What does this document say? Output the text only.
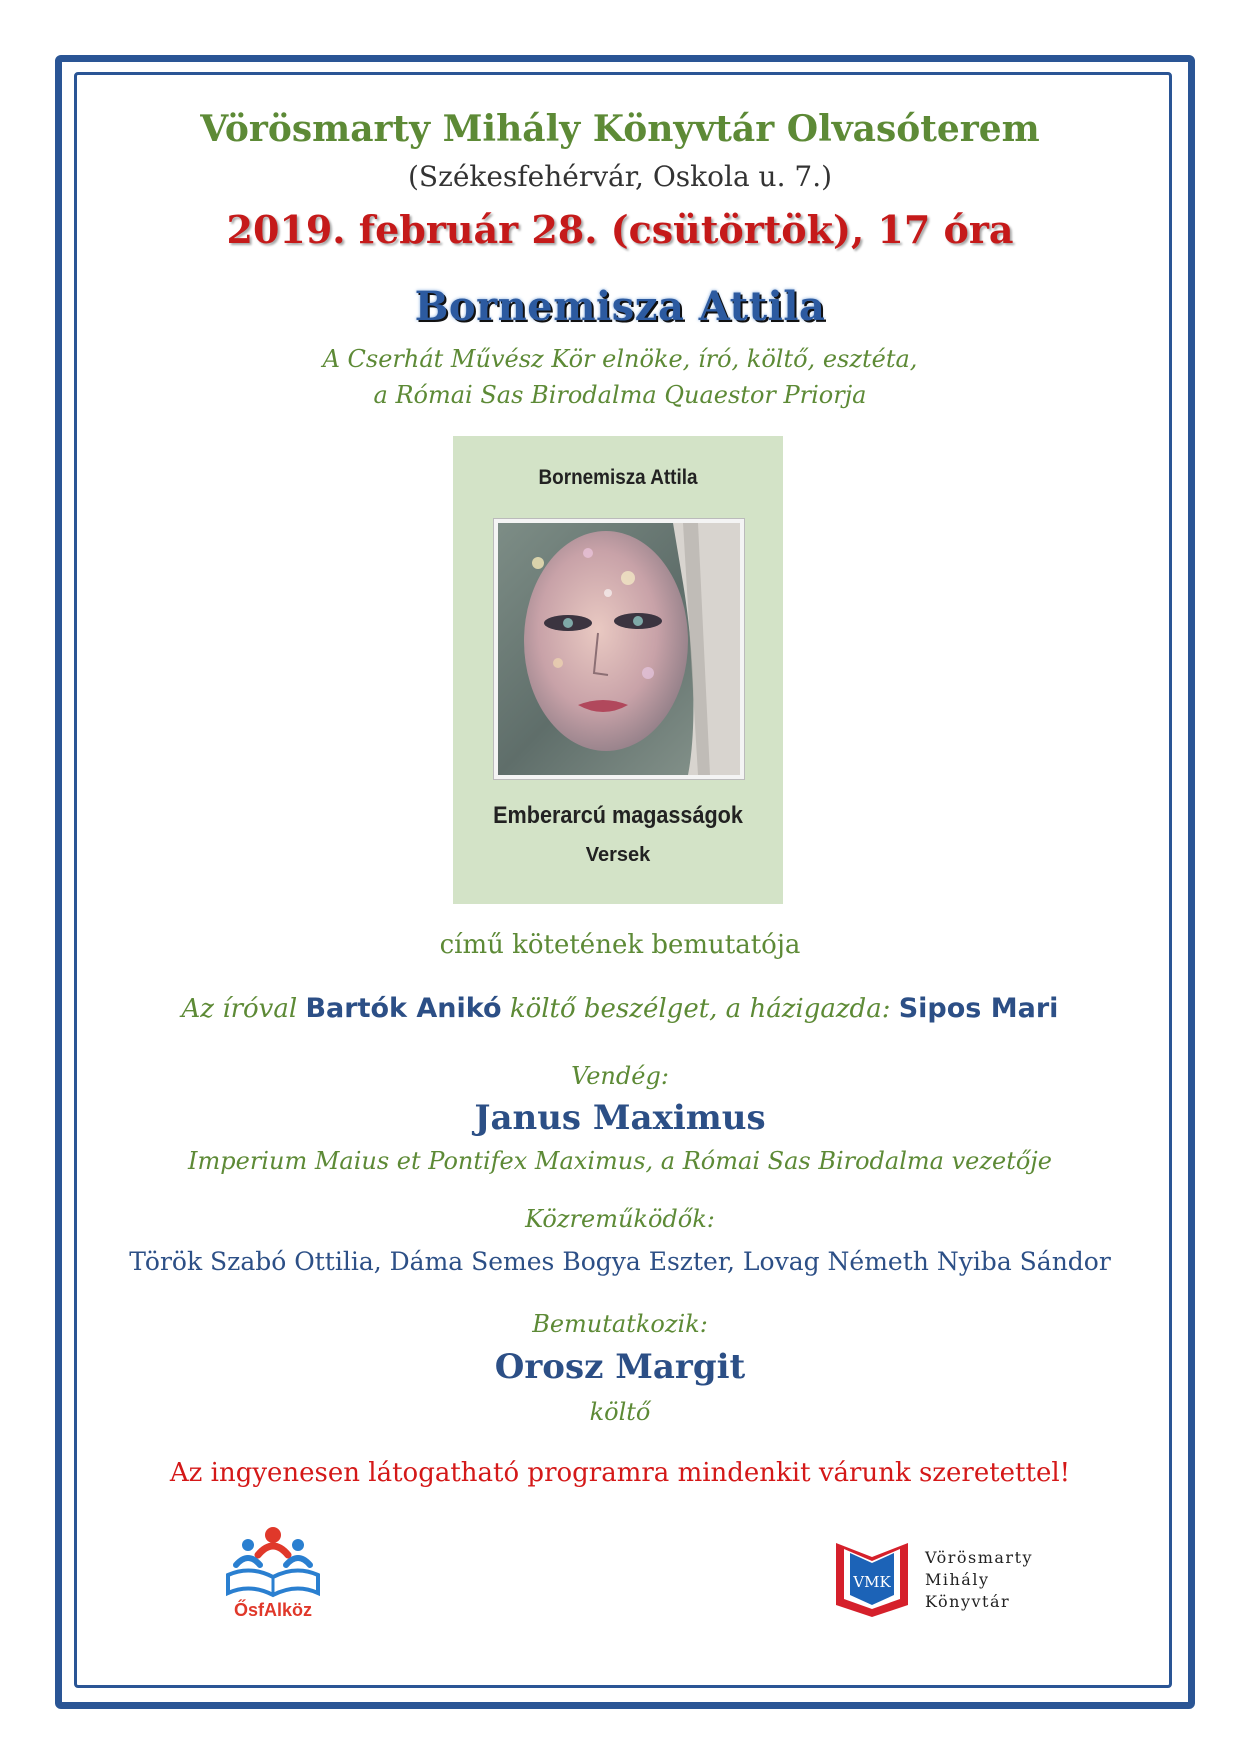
Vörösmarty Mihály Könyvtár Olvasóterem
(Székesfehérvár, Oskola u. 7.)
2019. február 28. (csütörtök), 17 óra
Bornemisza Attila
A Cserhát Művész Kör elnöke, író, költő, esztéta,
a Római Sas Birodalma Quaestor Priorja
című kötetének bemutatója
Az íróval Bartók Anikó költő beszélget, a házigazda: Sipos Mari
Vendég:
Janus Maximus
Imperium Maius et Pontifex Maximus, a Római Sas Birodalma vezetője
Közreműködők:
Török Szabó Ottilia, Dáma Semes Bogya Eszter, Lovag Németh Nyiba Sándor
Bemutatkozik:
Orosz Margit
költő
Az ingyenesen látogatható programra mindenkit várunk szeretettel!
Bornemisza Attila
Emberarcú magasságok
Versek
ŐsfAlköz
VMK
Vörösmarty
Mihály
Könyvtár
